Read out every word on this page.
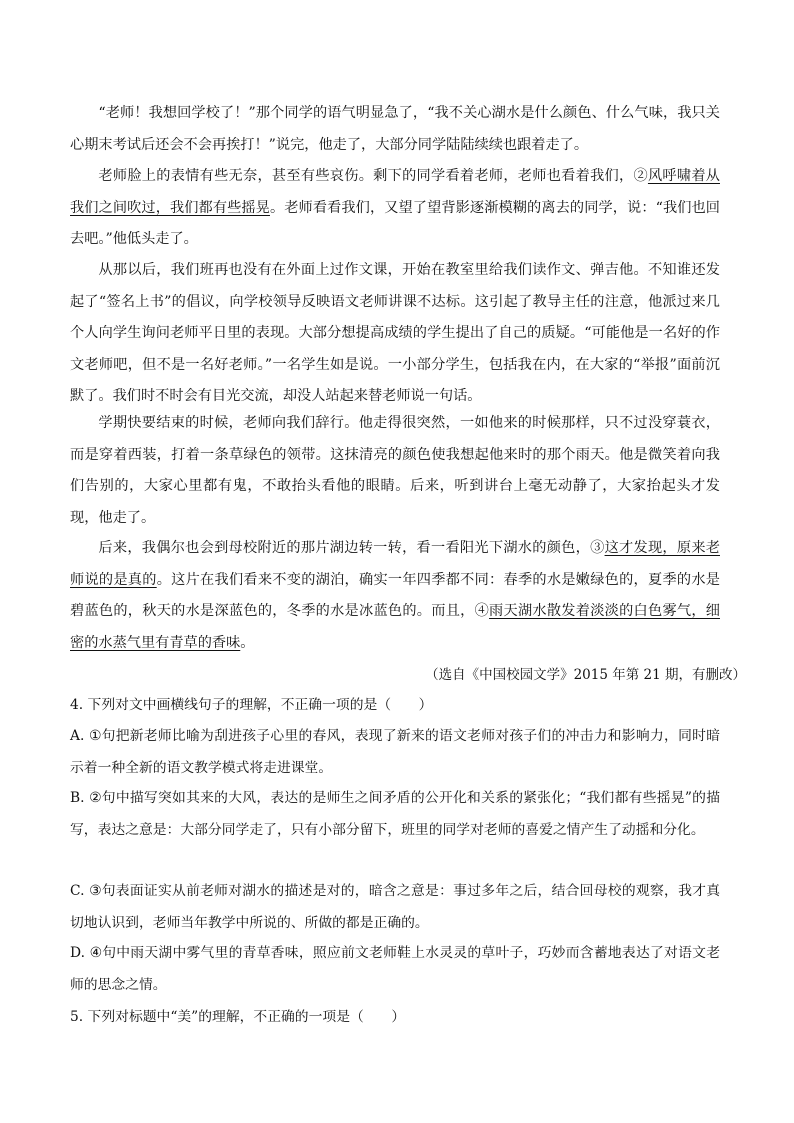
“老师！我想回学校了！”那个同学的语气明显急了，“我不关心湖水是什么颜色、什么气味，我只关心期末考试后还会不会再挨打！”说完，他走了，大部分同学陆陆续续也跟着走了。

老师脸上的表情有些无奈，甚至有些哀伤。剩下的同学看着老师，老师也看着我们，②风呼啸着从我们之间吹过，我们都有些摇晃。老师看看我们，又望了望背影逐渐模糊的离去的同学，说：“我们也回去吧。”他低头走了。

从那以后，我们班再也没有在外面上过作文课，开始在教室里给我们读作文、弹吉他。不知谁还发起了“签名上书”的倡议，向学校领导反映语文老师讲课不达标。这引起了教导主任的注意，他派过来几个人向学生询问老师平日里的表现。大部分想提高成绩的学生提出了自己的质疑。“可能他是一名好的作文老师吧，但不是一名好老师。”一名学生如是说。一小部分学生，包括我在内，在大家的“举报”面前沉默了。我们时不时会有目光交流，却没人站起来替老师说一句话。

学期快要结束的时候，老师向我们辞行。他走得很突然，一如他来的时候那样，只不过没穿蓑衣，而是穿着西装，打着一条草绿色的领带。这抹清亮的颜色使我想起他来时的那个雨天。他是微笑着向我们告别的，大家心里都有鬼，不敢抬头看他的眼睛。后来，听到讲台上毫无动静了，大家抬起头才发现，他走了。

后来，我偶尔也会到母校附近的那片湖边转一转，看一看阳光下湖水的颜色，③这才发现，原来老师说的是真的。这片在我们看来不变的湖泊，确实一年四季都不同：春季的水是嫩绿色的，夏季的水是碧蓝色的，秋天的水是深蓝色的，冬季的水是冰蓝色的。而且，④雨天湖水散发着淡淡的白色雾气，细密的水蒸气里有青草的香味。

（选自《中国校园文学》2015 年第 21 期，有删改）

4. 下列对文中画横线句子的理解，不正确一项的是（　　）

A. ①句把新老师比喻为刮进孩子心里的春风，表现了新来的语文老师对孩子们的冲击力和影响力，同时暗示着一种全新的语文教学模式将走进课堂。

B. ②句中描写突如其来的大风，表达的是师生之间矛盾的公开化和关系的紧张化；“我们都有些摇晃”的描写，表达之意是：大部分同学走了，只有小部分留下，班里的同学对老师的喜爱之情产生了动摇和分化。

C. ③句表面证实从前老师对湖水的描述是对的，暗含之意是：事过多年之后，结合回母校的观察，我才真切地认识到，老师当年教学中所说的、所做的都是正确的。

D. ④句中雨天湖中雾气里的青草香味，照应前文老师鞋上水灵灵的草叶子，巧妙而含蓄地表达了对语文老师的思念之情。

5. 下列对标题中“美”的理解，不正确的一项是（　　）
